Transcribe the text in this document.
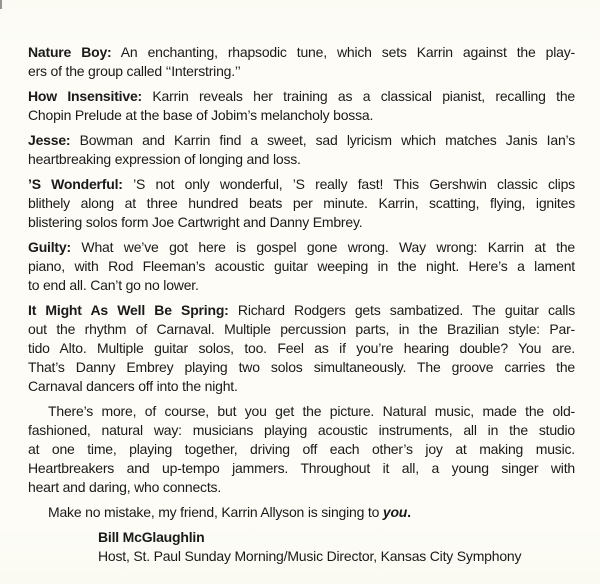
Nature Boy: An enchanting, rhapsodic tune, which sets Karrin against the play-
ers of the group called ‘‘Interstring.’’
How Insensitive: Karrin reveals her training as a classical pianist, recalling the
Chopin Prelude at the base of Jobim’s melancholy bossa.
Jesse: Bowman and Karrin find a sweet, sad lyricism which matches Janis Ian’s
heartbreaking expression of longing and loss.
’S Wonderful: ’S not only wonderful, ’S really fast! This Gershwin classic clips
blithely along at three hundred beats per minute. Karrin, scatting, flying, ignites
blistering solos form Joe Cartwright and Danny Embrey.
Guilty: What we’ve got here is gospel gone wrong. Way wrong: Karrin at the
piano, with Rod Fleeman’s acoustic guitar weeping in the night. Here’s a lament
to end all. Can’t go no lower.
It Might As Well Be Spring: Richard Rodgers gets sambatized. The guitar calls
out the rhythm of Carnaval. Multiple percussion parts, in the Brazilian style: Par-
tido Alto. Multiple guitar solos, too. Feel as if you’re hearing double? You are.
That’s Danny Embrey playing two solos simultaneously. The groove carries the
Carnaval dancers off into the night.
There’s more, of course, but you get the picture. Natural music, made the old-
fashioned, natural way: musicians playing acoustic instruments, all in the studio
at one time, playing together, driving off each other’s joy at making music.
Heartbreakers and up-tempo jammers. Throughout it all, a young singer with
heart and daring, who connects.
Make no mistake, my friend, Karrin Allyson is singing to you.
Bill McGlaughlin
Host, St. Paul Sunday Morning/Music Director, Kansas City Symphony
